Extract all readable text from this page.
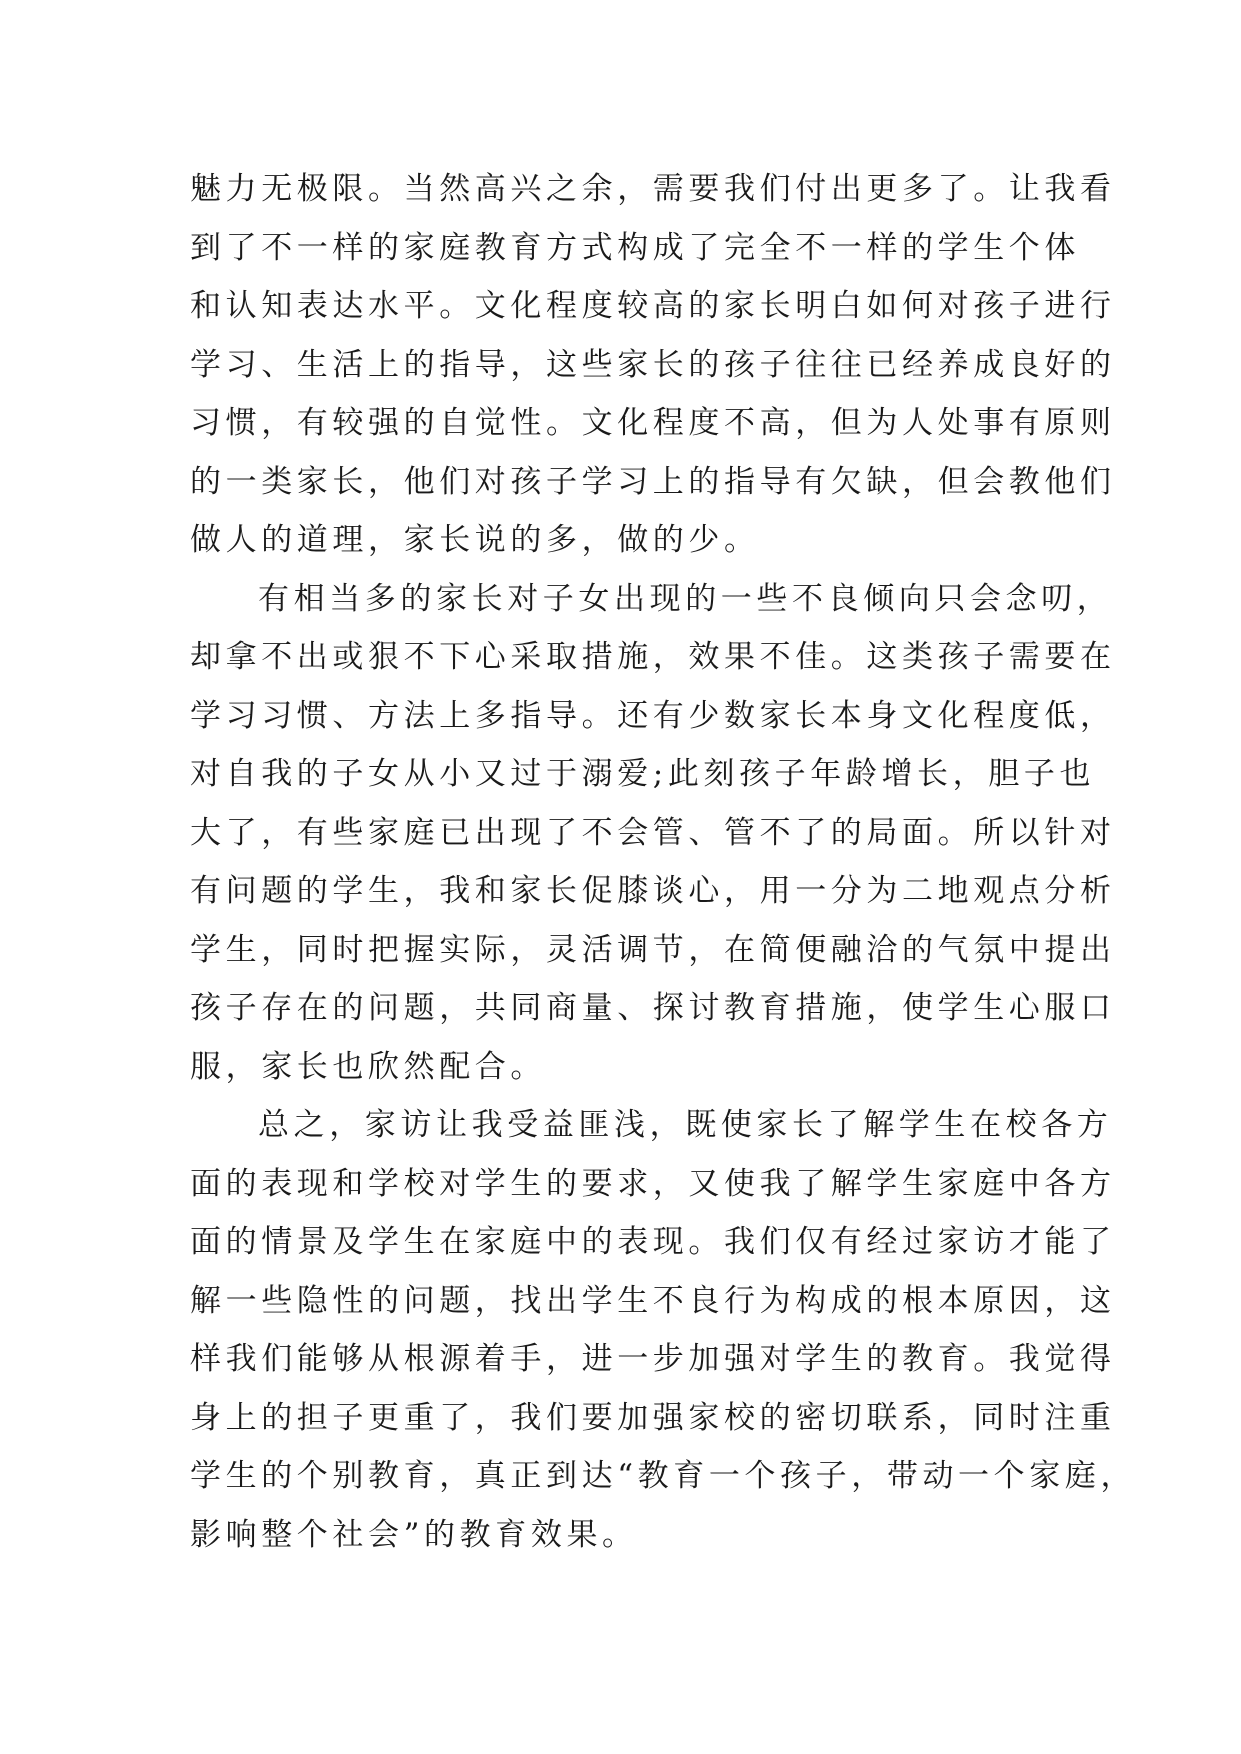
魅力无极限。当然高兴之余，需要我们付出更多了。让我看
到了不一样的家庭教育方式构成了完全不一样的学生个体
和认知表达水平。文化程度较高的家长明白如何对孩子进行
学习、生活上的指导，这些家长的孩子往往已经养成良好的
习惯，有较强的自觉性。文化程度不高，但为人处事有原则
的一类家长，他们对孩子学习上的指导有欠缺，但会教他们
做人的道理，家长说的多，做的少。
有相当多的家长对子女出现的一些不良倾向只会念叨，
却拿不出或狠不下心采取措施，效果不佳。这类孩子需要在
学习习惯、方法上多指导。还有少数家长本身文化程度低，
对自我的子女从小又过于溺爱;此刻孩子年龄增长，胆子也
大了，有些家庭已出现了不会管、管不了的局面。所以针对
有问题的学生，我和家长促膝谈心，用一分为二地观点分析
学生，同时把握实际，灵活调节，在简便融洽的气氛中提出
孩子存在的问题，共同商量、探讨教育措施，使学生心服口
服，家长也欣然配合。
总之，家访让我受益匪浅，既使家长了解学生在校各方
面的表现和学校对学生的要求，又使我了解学生家庭中各方
面的情景及学生在家庭中的表现。我们仅有经过家访才能了
解一些隐性的问题，找出学生不良行为构成的根本原因，这
样我们能够从根源着手，进一步加强对学生的教育。我觉得
身上的担子更重了，我们要加强家校的密切联系，同时注重
学生的个别教育，真正到达“教育一个孩子，带动一个家庭，
影响整个社会”的教育效果。
